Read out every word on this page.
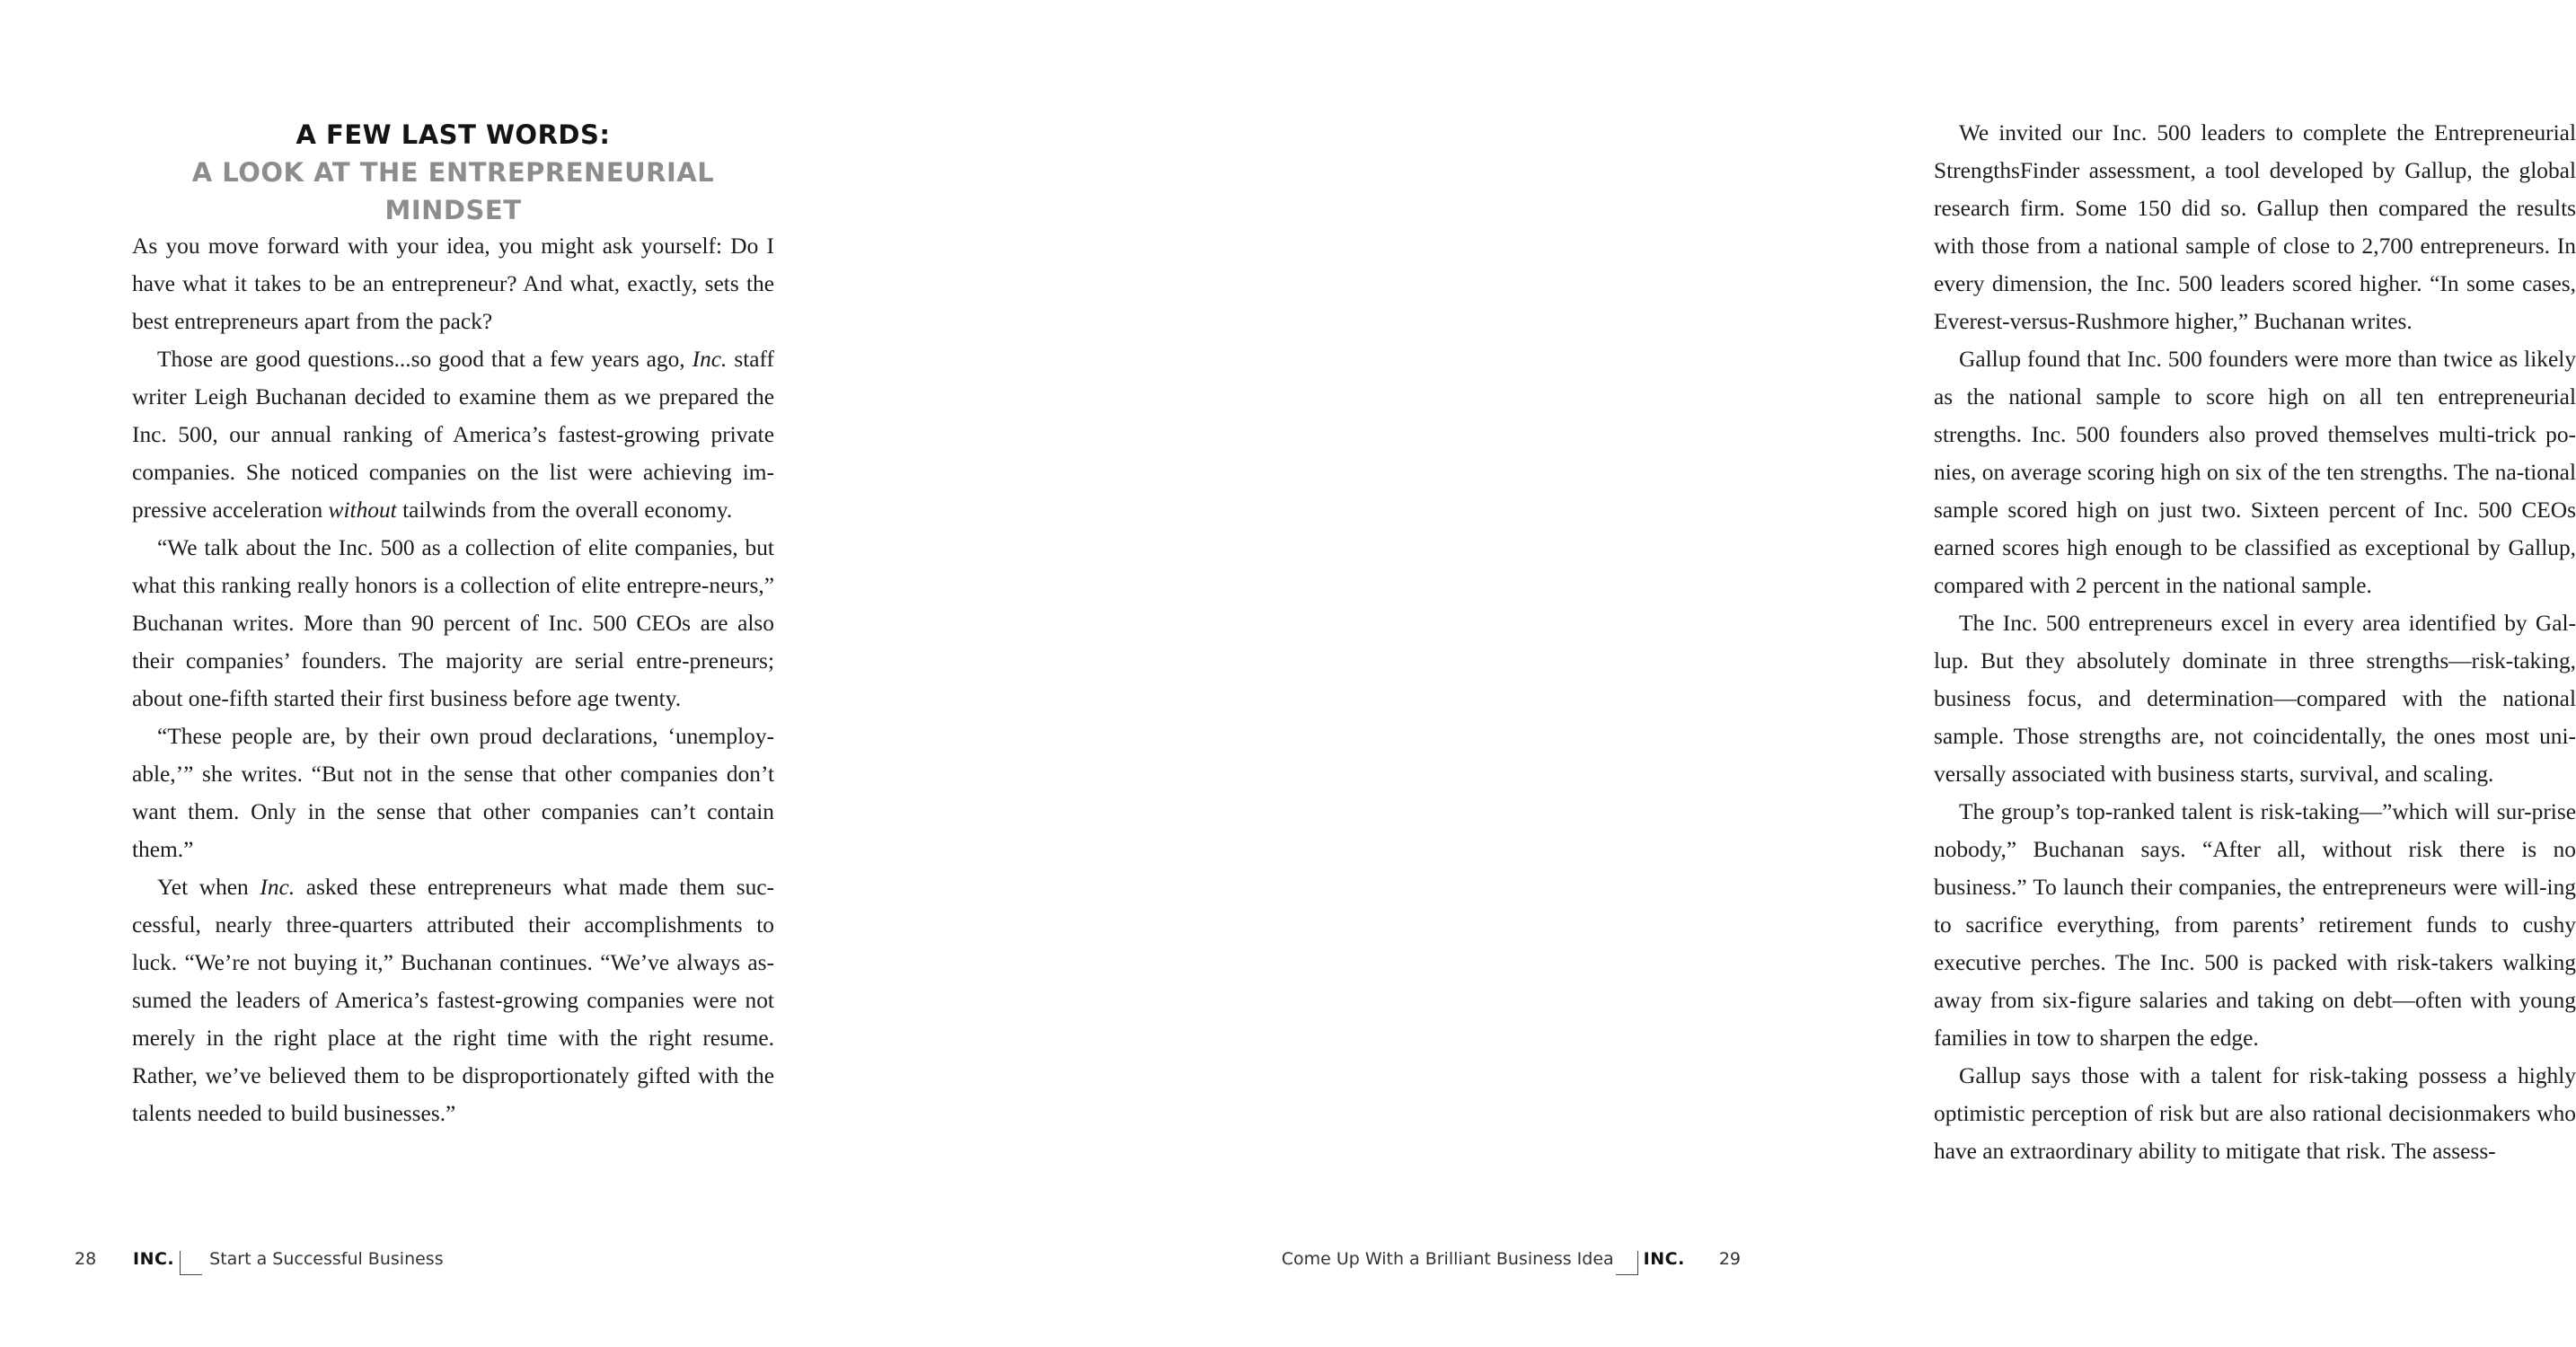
A FEW LAST WORDS:
A LOOK AT THE ENTREPRENEURIAL MINDSET

As you move forward with your idea, you might ask yourself: Do I have what it takes to be an entrepreneur? And what, exactly, sets the best entrepreneurs apart from the pack?

Those are good questions...so good that a few years ago, Inc. staff writer Leigh Buchanan decided to examine them as we prepared the Inc. 500, our annual ranking of America’s fastest-growing private companies. She noticed companies on the list were achieving im-pressive acceleration without tailwinds from the overall economy.

“We talk about the Inc. 500 as a collection of elite companies, but what this ranking really honors is a collection of elite entrepre-neurs,” Buchanan writes. More than 90 percent of Inc. 500 CEOs are also their companies’ founders. The majority are serial entre-preneurs; about one-fifth started their first business before age twenty.

“These people are, by their own proud declarations, ‘unemploy-able,’” she writes. “But not in the sense that other companies don’t want them. Only in the sense that other companies can’t contain them.”

Yet when Inc. asked these entrepreneurs what made them suc-cessful, nearly three-quarters attributed their accomplishments to luck. “We’re not buying it,” Buchanan continues. “We’ve always as-sumed the leaders of America’s fastest-growing companies were not merely in the right place at the right time with the right resume. Rather, we’ve believed them to be disproportionately gifted with the talents needed to build businesses.”

28	INC.	Start a Successful Business

We invited our Inc. 500 leaders to complete the Entrepreneurial StrengthsFinder assessment, a tool developed by Gallup, the global research firm. Some 150 did so. Gallup then compared the results with those from a national sample of close to 2,700 entrepreneurs. In every dimension, the Inc. 500 leaders scored higher. “In some cases, Everest-versus-Rushmore higher,” Buchanan writes.

Gallup found that Inc. 500 founders were more than twice as likely as the national sample to score high on all ten entrepreneurial strengths. Inc. 500 founders also proved themselves multi-trick po-nies, on average scoring high on six of the ten strengths. The na-tional sample scored high on just two. Sixteen percent of Inc. 500 CEOs earned scores high enough to be classified as exceptional by Gallup, compared with 2 percent in the national sample.

The Inc. 500 entrepreneurs excel in every area identified by Gal-lup. But they absolutely dominate in three strengths—risk-taking, business focus, and determination—compared with the national sample. Those strengths are, not coincidentally, the ones most uni-versally associated with business starts, survival, and scaling.

The group’s top-ranked talent is risk-taking—”which will sur-prise nobody,” Buchanan says. “After all, without risk there is no business.” To launch their companies, the entrepreneurs were will-ing to sacrifice everything, from parents’ retirement funds to cushy executive perches. The Inc. 500 is packed with risk-takers walking away from six-figure salaries and taking on debt—often with young families in tow to sharpen the edge.

Gallup says those with a talent for risk-taking possess a highly optimistic perception of risk but are also rational decisionmakers who have an extraordinary ability to mitigate that risk. The assess-

Come Up With a Brilliant Business Idea INC.	29
